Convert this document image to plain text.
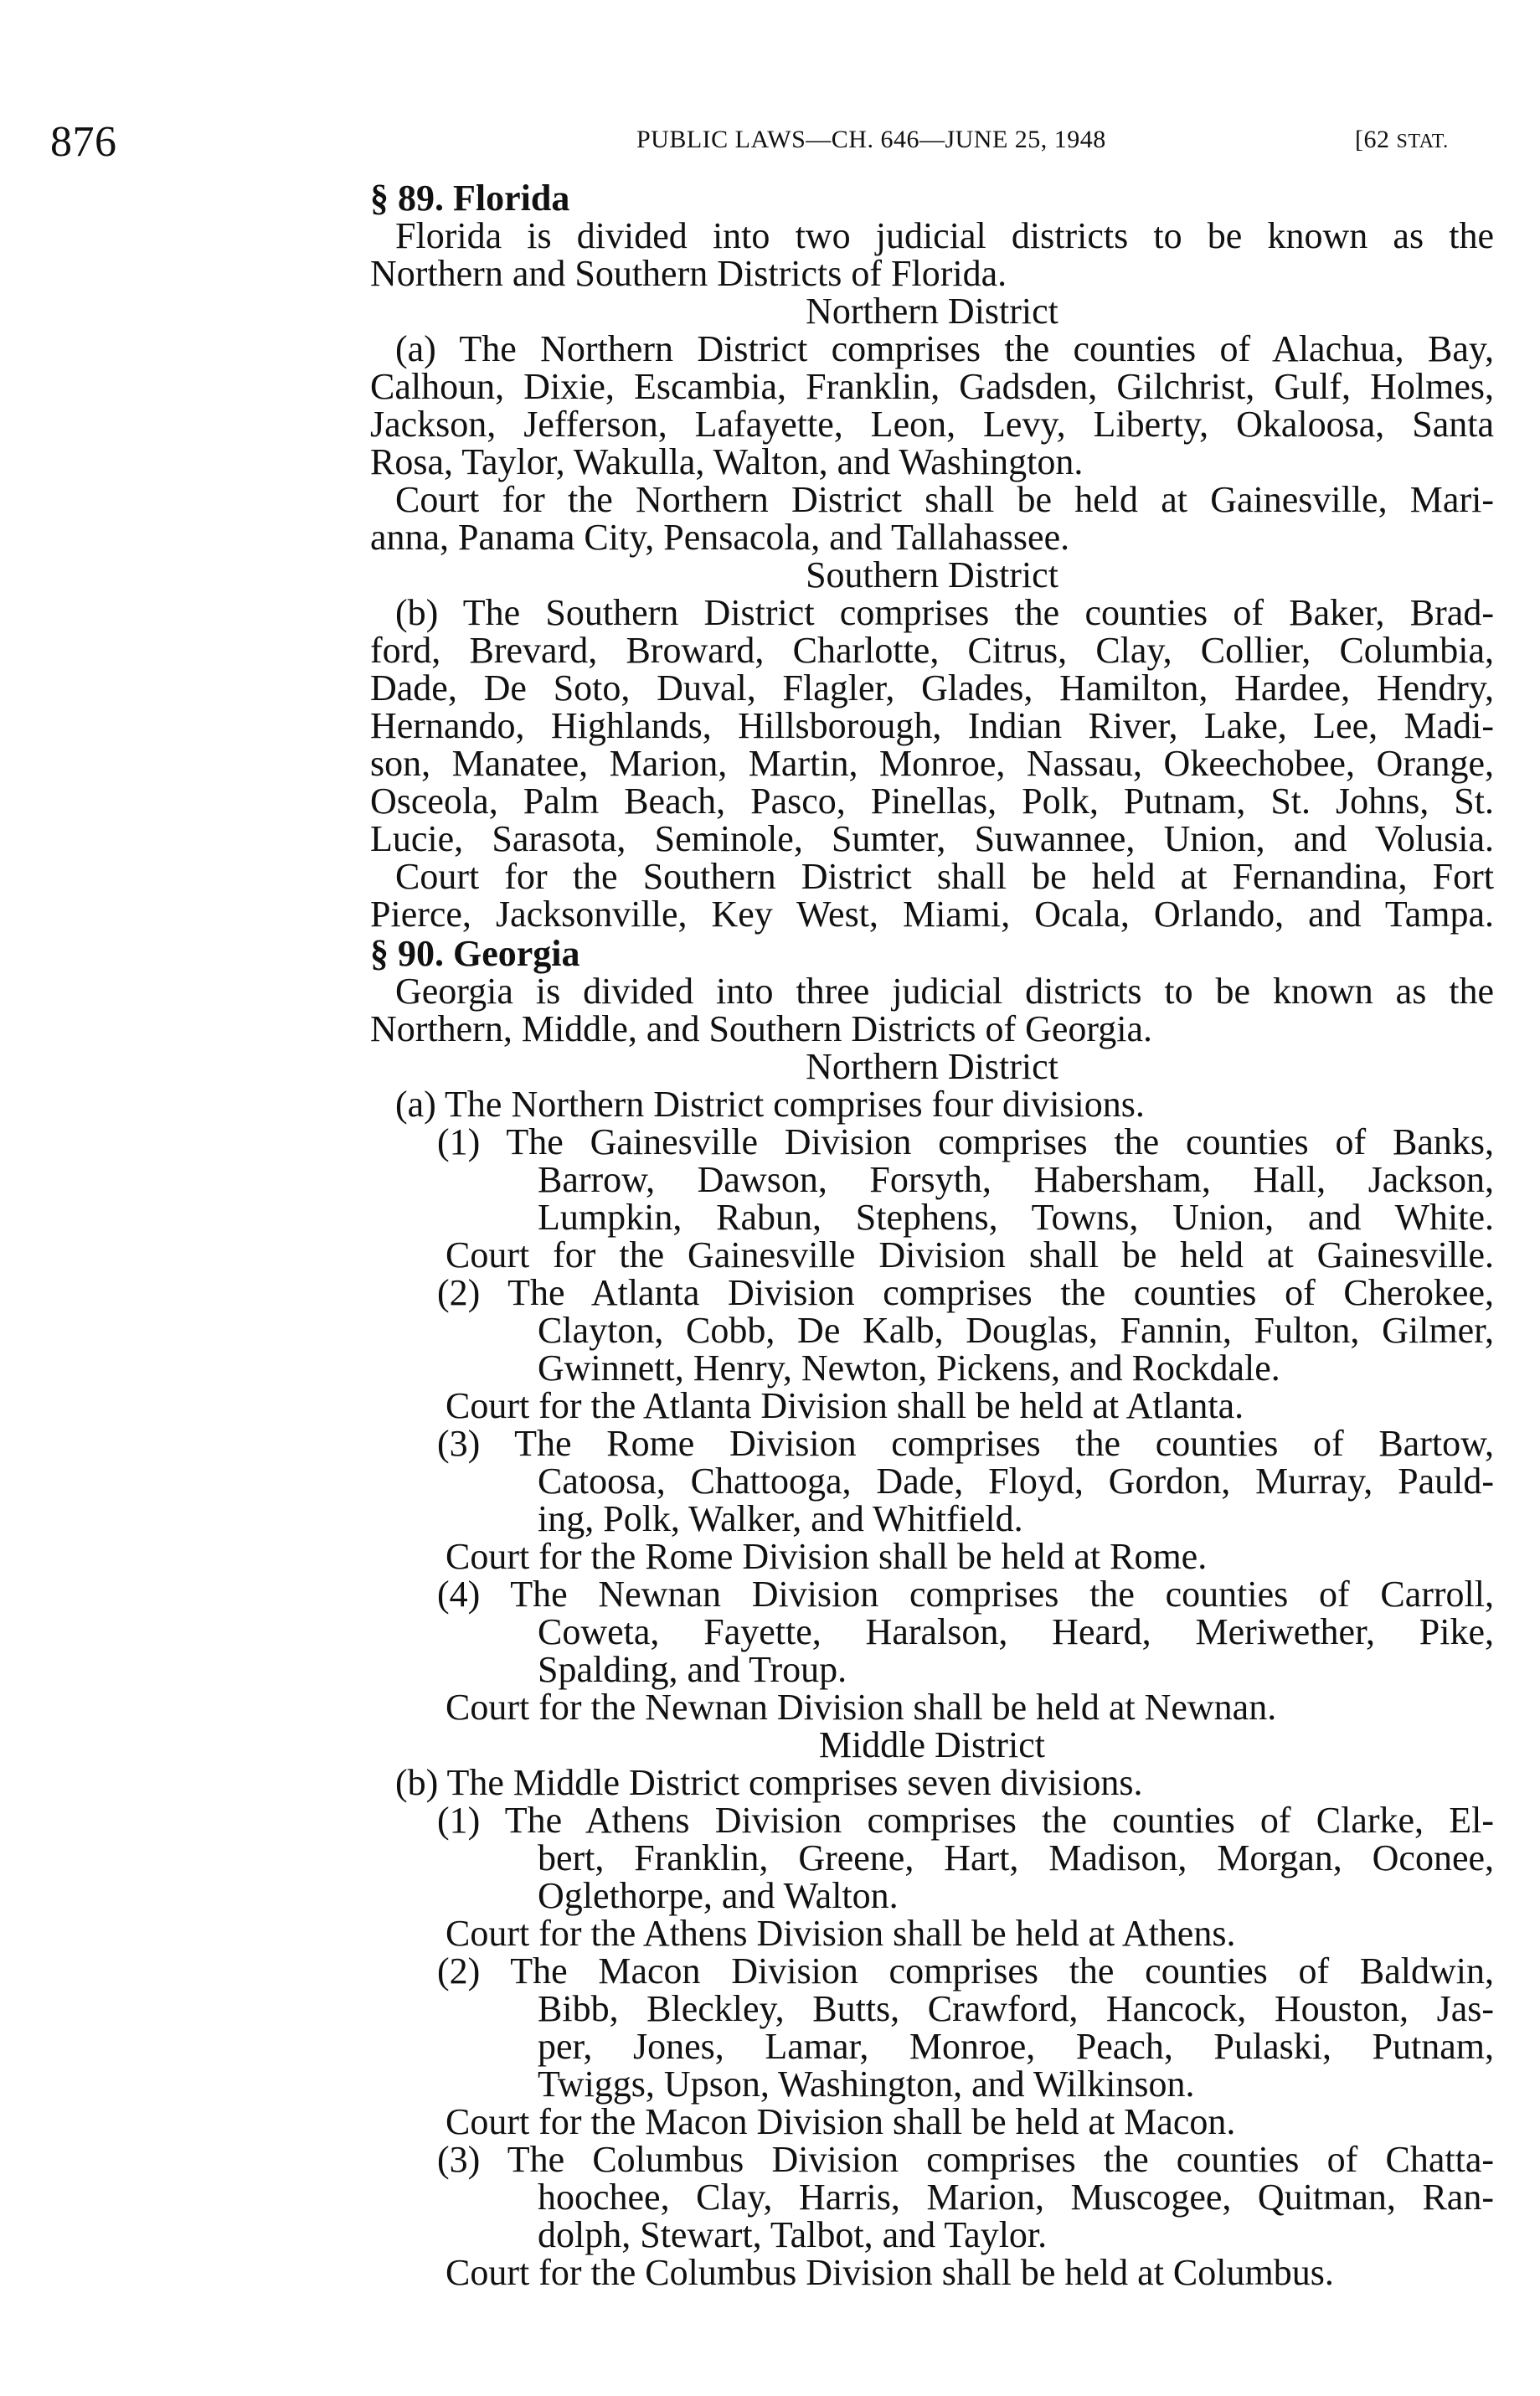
876	PUBLIC LAWS—CH. 646—JUNE 25, 1948	[62 STAT.
§ 89. Florida
Florida is divided into two judicial districts to be known as the
Northern and Southern Districts of Florida.
Northern District
(a) The Northern District comprises the counties of Alachua, Bay,
Calhoun, Dixie, Escambia, Franklin, Gadsden, Gilchrist, Gulf, Holmes,
Jackson, Jefferson, Lafayette, Leon, Levy, Liberty, Okaloosa, Santa
Rosa, Taylor, Wakulla, Walton, and Washington.
Court for the Northern District shall be held at Gainesville, Mari-
anna, Panama City, Pensacola, and Tallahassee.
Southern District
(b) The Southern District comprises the counties of Baker, Brad-
ford, Brevard, Broward, Charlotte, Citrus, Clay, Collier, Columbia,
Dade, De Soto, Duval, Flagler, Glades, Hamilton, Hardee, Hendry,
Hernando, Highlands, Hillsborough, Indian River, Lake, Lee, Madi-
son, Manatee, Marion, Martin, Monroe, Nassau, Okeechobee, Orange,
Osceola, Palm Beach, Pasco, Pinellas, Polk, Putnam, St. Johns, St.
Lucie, Sarasota, Seminole, Sumter, Suwannee, Union, and Volusia.
Court for the Southern District shall be held at Fernandina, Fort
Pierce, Jacksonville, Key West, Miami, Ocala, Orlando, and Tampa.
§ 90. Georgia
Georgia is divided into three judicial districts to be known as the
Northern, Middle, and Southern Districts of Georgia.
Northern District
(a) The Northern District comprises four divisions.
(1) The Gainesville Division comprises the counties of Banks,
Barrow, Dawson, Forsyth, Habersham, Hall, Jackson,
Lumpkin, Rabun, Stephens, Towns, Union, and White.
Court for the Gainesville Division shall be held at Gainesville.
(2) The Atlanta Division comprises the counties of Cherokee,
Clayton, Cobb, De Kalb, Douglas, Fannin, Fulton, Gilmer,
Gwinnett, Henry, Newton, Pickens, and Rockdale.
Court for the Atlanta Division shall be held at Atlanta.
(3) The Rome Division comprises the counties of Bartow,
Catoosa, Chattooga, Dade, Floyd, Gordon, Murray, Pauld-
ing, Polk, Walker, and Whitfield.
Court for the Rome Division shall be held at Rome.
(4) The Newnan Division comprises the counties of Carroll,
Coweta, Fayette, Haralson, Heard, Meriwether, Pike,
Spalding, and Troup.
Court for the Newnan Division shall be held at Newnan.
Middle District
(b) The Middle District comprises seven divisions.
(1) The Athens Division comprises the counties of Clarke, El-
bert, Franklin, Greene, Hart, Madison, Morgan, Oconee,
Oglethorpe, and Walton.
Court for the Athens Division shall be held at Athens.
(2) The Macon Division comprises the counties of Baldwin,
Bibb, Bleckley, Butts, Crawford, Hancock, Houston, Jas-
per, Jones, Lamar, Monroe, Peach, Pulaski, Putnam,
Twiggs, Upson, Washington, and Wilkinson.
Court for the Macon Division shall be held at Macon.
(3) The Columbus Division comprises the counties of Chatta-
hoochee, Clay, Harris, Marion, Muscogee, Quitman, Ran-
dolph, Stewart, Talbot, and Taylor.
Court for the Columbus Division shall be held at Columbus.
